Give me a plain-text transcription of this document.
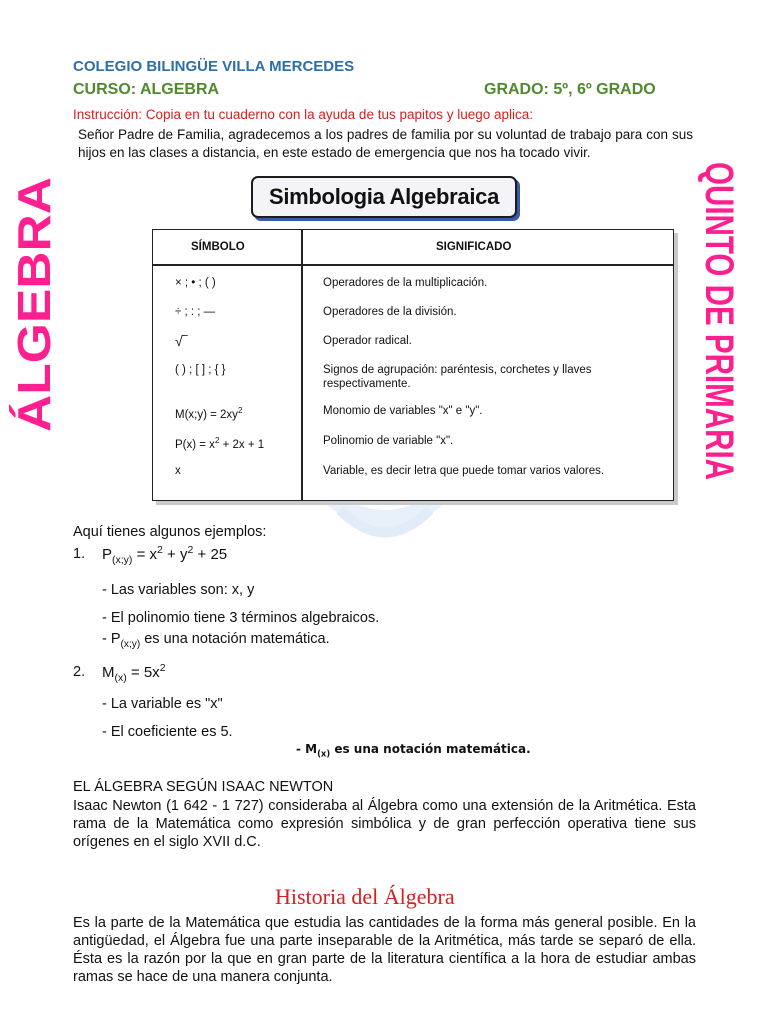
COLEGIO BILINGÜE VILLA MERCEDES
CURSO: ALGEBRA	GRADO: 5º, 6º GRADO
Instrucción: Copia en tu cuaderno con la ayuda de tus papitos y luego aplica:
Señor Padre de Familia, agradecemos a los padres de familia por su voluntad de trabajo para con sus hijos en las clases a distancia, en este estado de emergencia que nos ha tocado vivir.
ÁLGEBRA	QUINTO DE PRIMARIA
Simbologia Algebraica
SÍMBOLO	SIGNIFICADO
× ; • ; ( )	Operadores de la multiplicación.
÷ ; : ; —	Operadores de la división.
√‾	Operador radical.
( ) ; [ ] ; { }	Signos de agrupación: paréntesis, corchetes y llaves respectivamente.
M(x;y) = $2xy^2$	Monomio de variables "x" e "y".
$P(x) = x^2 + 2x + 1$	Polinomio de variable "x".
x	Variable, es decir letra que puede tomar varios valores.
Aquí tienes algunos ejemplos:
1. $P_{(x;y)} = x^2 + y^2 + 25$
- Las variables son: x, y
- El polinomio tiene 3 términos algebraicos.
- $P_{(x;y)}$ es una notación matemática.
2. $M_{(x)} = 5x^2$
- La variable es "x"
- El coeficiente es 5.
- $M_{(x)}$ es una notación matemática.
EL ÁLGEBRA SEGÚN ISAAC NEWTON
Isaac Newton (1 642 - 1 727) consideraba al Álgebra como una extensión de la Aritmética. Esta rama de la Matemática como expresión simbólica y de gran perfección operativa tiene sus orígenes en el siglo XVII d.C.
Historia del Álgebra
Es la parte de la Matemática que estudia las cantidades de la forma más general posible. En la antigüedad, el Álgebra fue una parte inseparable de la Aritmética, más tarde se separó de ella. Ésta es la razón por la que en gran parte de la literatura científica a la hora de estudiar ambas ramas se hace de una manera conjunta.
